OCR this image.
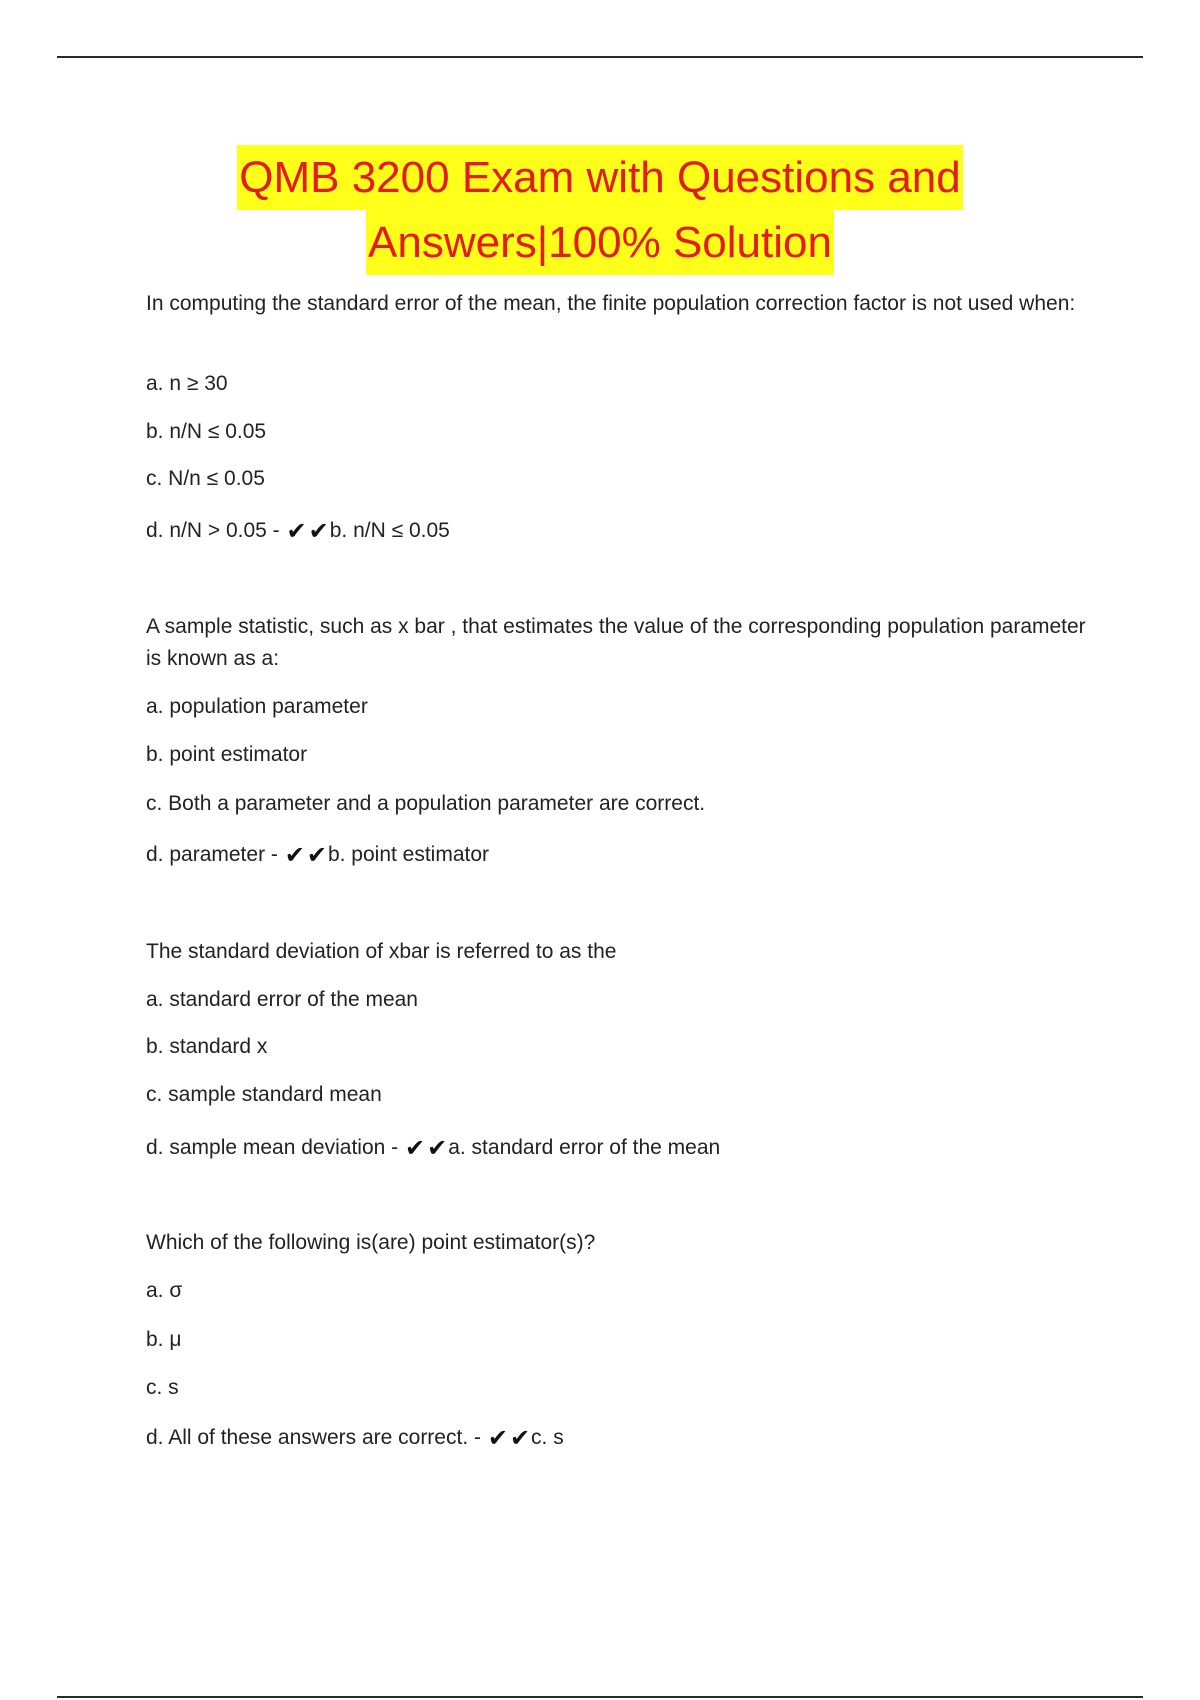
QMB 3200 Exam with Questions and
Answers|100% Solution
In computing the standard error of the mean, the finite population correction factor is not used when:
a. n ≥ 30
b. n/N ≤ 0.05
c. N/n ≤ 0.05
d. n/N > 0.05 - ✔✔b. n/N ≤ 0.05
A sample statistic, such as x bar , that estimates the value of the corresponding population parameter is known as a:
a. population parameter
b. point estimator
c. Both a parameter and a population parameter are correct.
d. parameter - ✔✔b. point estimator
The standard deviation of xbar is referred to as the
a. standard error of the mean
b. standard x
c. sample standard mean
d. sample mean deviation - ✔✔a. standard error of the mean
Which of the following is(are) point estimator(s)?
a. σ
b. μ
c. s
d. All of these answers are correct. - ✔✔c. s
